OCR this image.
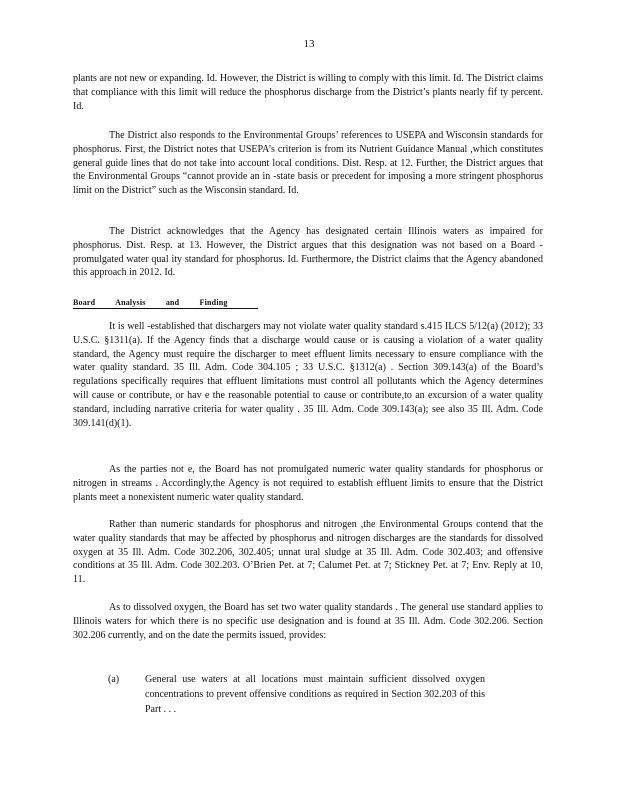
13

plants are not new or expanding. Id. However, the District is willing to comply with this limit. Id. The District claims that compliance with this limit will reduce the phosphorus discharge from the District’s plants nearly fif ty percent. Id.

The District also responds to the Environmental Groups’ references to USEPA and Wisconsin standards for phosphorus. First, the District notes that USEPA’s criterion is from its Nutrient Guidance Manual ,which constitutes general guide lines that do not take into account local conditions. Dist. Resp. at 12. Further, the District argues that the Environmental Groups “cannot provide an in -state basis or precedent for imposing a more stringent phosphorus limit on the District” such as the Wisconsin standard. Id.

The District acknowledges that the Agency has designated certain Illinois waters as impaired for phosphorus. Dist. Resp. at 13. However, the District argues that this designation was not based on a Board -promulgated water qual ity standard for phosphorus. Id. Furthermore, the District claims that the Agency abandoned this approach in 2012. Id.

Board Analysis	and	Finding

It is well -established that dischargers may not violate water quality standard s.415 ILCS 5/12(a) (2012); 33 U.S.C. §1311(a). If the Agency finds that a discharge would cause or is causing a violation of a water quality standard, the Agency must require the discharger to meet effluent limits necessary to ensure compliance with the water quality standard. 35 Ill. Adm. Code 304.105 ; 33 U.S.C. §1312(a) . Section 309.143(a) of the Board’s regulations specifically requires that effluent limitations must control all pollutants which the Agency determines will cause or contribute, or hav e the reasonable potential to cause or contribute,to an excursion of a water quality standard, including narrative criteria for water quality . 35 Ill. Adm. Code 309.143(a); see also 35 Ill. Adm. Code 309.141(d)(1).

As the parties not e, the Board has not promulgated numeric water quality standards for phosphorus or nitrogen in streams . Accordingly,the Agency is not required to establish effluent limits to ensure that the District plants meet a nonexistent numeric water quality standard.

Rather than numeric standards for phosphorus and nitrogen ,the Environmental Groups contend that the water quality standards that may be affected by phosphorus and nitrogen discharges are the standards for dissolved oxygen at 35 Ill. Adm. Code 302.206, 302.405; unnat ural sludge at 35 Ill. Adm. Code 302.403; and offensive conditions at 35 Ill. Adm. Code 302.203. O’Brien Pet. at 7; Calumet Pet. at 7; Stickney Pet. at 7; Env. Reply at 10, 11.

As to dissolved oxygen, the Board has set two water quality standards . The general use standard applies to Illinois waters for which there is no specific use designation and is found at 35 Ill. Adm. Code 302.206. Section 302.206 currently, and on the date the permits issued, provides:

(a)	General use waters at all locations must maintain sufficient dissolved oxygen concentrations to prevent offensive conditions as required in Section 302.203 of this Part . . .
